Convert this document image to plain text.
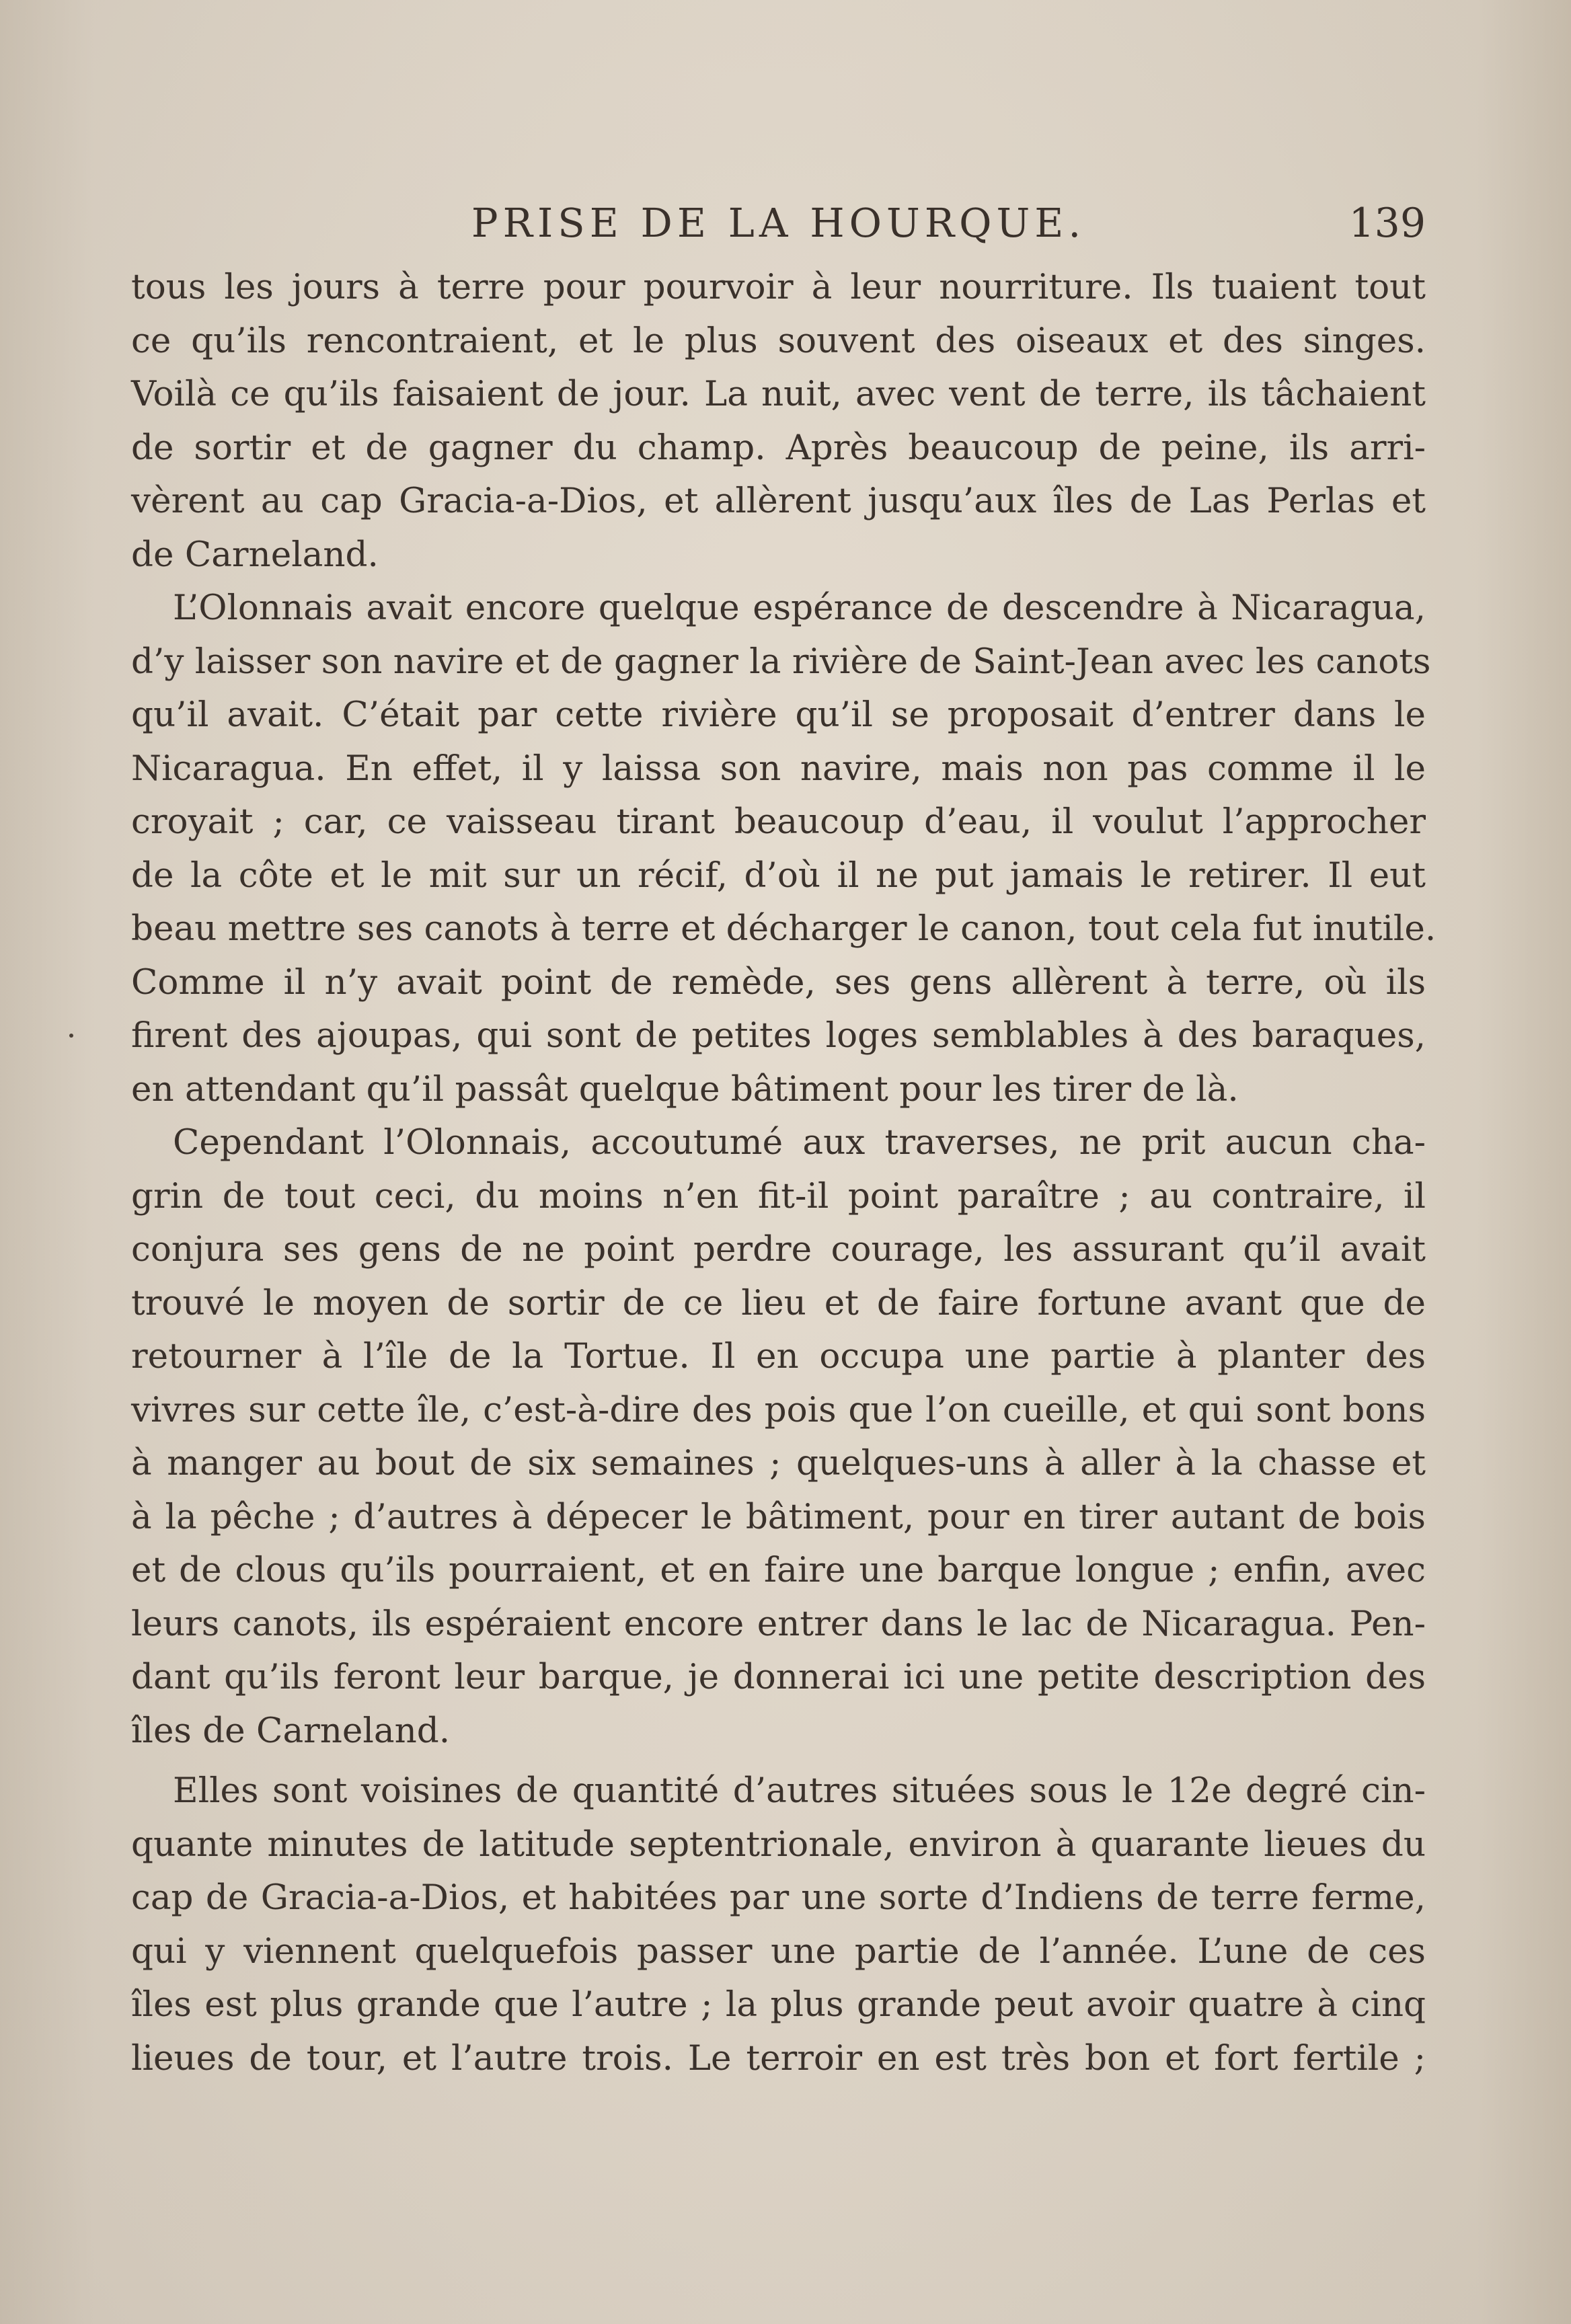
PRISE DE LA HOURQUE.	139
tous les jours à terre pour pourvoir à leur nourriture. Ils tuaient tout
ce qu’ils rencontraient, et le plus souvent des oiseaux et des singes.
Voilà ce qu’ils faisaient de jour. La nuit, avec vent de terre, ils tâchaient
de sortir et de gagner du champ. Après beaucoup de peine, ils arri-
vèrent au cap Gracia-a-Dios, et allèrent jusqu’aux îles de Las Perlas et
de Carneland.
L’Olonnais avait encore quelque espérance de descendre à Nicaragua,
d’y laisser son navire et de gagner la rivière de Saint-Jean avec les canots
qu’il avait. C’était par cette rivière qu’il se proposait d’entrer dans le
Nicaragua. En effet, il y laissa son navire, mais non pas comme il le
croyait ; car, ce vaisseau tirant beaucoup d’eau, il voulut l’approcher
de la côte et le mit sur un récif, d’où il ne put jamais le retirer. Il eut
beau mettre ses canots à terre et décharger le canon, tout cela fut inutile.
Comme il n’y avait point de remède, ses gens allèrent à terre, où ils
firent des ajoupas, qui sont de petites loges semblables à des baraques,
en attendant qu’il passât quelque bâtiment pour les tirer de là.
Cependant l’Olonnais, accoutumé aux traverses, ne prit aucun cha-
grin de tout ceci, du moins n’en fit-il point paraître ; au contraire, il
conjura ses gens de ne point perdre courage, les assurant qu’il avait
trouvé le moyen de sortir de ce lieu et de faire fortune avant que de
retourner à l’île de la Tortue. Il en occupa une partie à planter des
vivres sur cette île, c’est-à-dire des pois que l’on cueille, et qui sont bons
à manger au bout de six semaines ; quelques-uns à aller à la chasse et
à la pêche ; d’autres à dépecer le bâtiment, pour en tirer autant de bois
et de clous qu’ils pourraient, et en faire une barque longue ; enfin, avec
leurs canots, ils espéraient encore entrer dans le lac de Nicaragua. Pen-
dant qu’ils feront leur barque, je donnerai ici une petite description des
îles de Carneland.
Elles sont voisines de quantité d’autres situées sous le 12e degré cin-
quante minutes de latitude septentrionale, environ à quarante lieues du
cap de Gracia-a-Dios, et habitées par une sorte d’Indiens de terre ferme,
qui y viennent quelquefois passer une partie de l’année. L’une de ces
îles est plus grande que l’autre ; la plus grande peut avoir quatre à cinq
lieues de tour, et l’autre trois. Le terroir en est très bon et fort fertile ;
